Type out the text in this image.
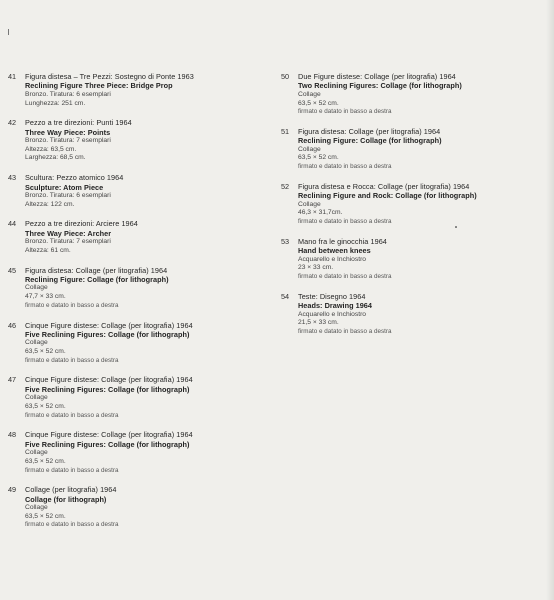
41	Figura distesa – Tre Pezzi: Sostegno di Ponte 1963
Reclining Figure Three Piece: Bridge Prop
Bronzo. Tiratura: 6 esemplari
Lunghezza: 251 cm.
42	Pezzo a tre direzioni: Punti 1964
Three Way Piece: Points
Bronzo. Tiratura: 7 esemplari
Altezza: 63,5 cm.
Larghezza: 68,5 cm.
43	Scultura: Pezzo atomico 1964
Sculpture: Atom Piece
Bronzo. Tiratura: 6 esemplari
Altezza: 122 cm.
44	Pezzo a tre direzioni: Arciere 1964
Three Way Piece: Archer
Bronzo. Tiratura: 7 esemplari
Altezza: 61 cm.
45	Figura distesa: Collage (per litografia) 1964
Reclining Figure: Collage (for lithograph)
Collage
47,7 × 33 cm.
firmato e datato in basso a destra
46	Cinque Figure distese: Collage (per litografia) 1964
Five Reclining Figures: Collage (for lithograph)
Collage
63,5 × 52 cm.
firmato e datato in basso a destra
47	Cinque Figure distese: Collage (per litografia) 1964
Five Reclining Figures: Collage (for lithograph)
Collage
63,5 × 52 cm.
firmato e datato in basso a destra
48	Cinque Figure distese: Collage (per litografia) 1964
Five Reclining Figures: Collage (for lithograph)
Collage
63,5 × 52 cm.
firmato e datato in basso a destra
49	Collage (per litografia) 1964
Collage (for lithograph)
Collage
63,5 × 52 cm.
firmato e datato in basso a destra
50	Due Figure distese: Collage (per litografia) 1964
Two Reclining Figures: Collage (for lithograph)
Collage
63,5 × 52 cm.
firmato e datato in basso a destra
51	Figura distesa: Collage (per litografia) 1964
Reclining Figure: Collage (for lithograph)
Collage
63,5 × 52 cm.
firmato e datato in basso a destra
52	Figura distesa e Rocca: Collage (per litografia) 1964
Reclining Figure and Rock: Collage (for lithograph)
Collage
46,3 × 31,7cm.
firmato e datato in basso a destra
53	Mano fra le ginocchia 1964
Hand between knees
Acquarello e Inchiostro
23 × 33 cm.
firmato e datato in basso a destra
54	Teste: Disegno 1964
Heads: Drawing 1964
Acquarello e Inchiostro
21,5 × 33 cm.
firmato e datato in basso a destra
